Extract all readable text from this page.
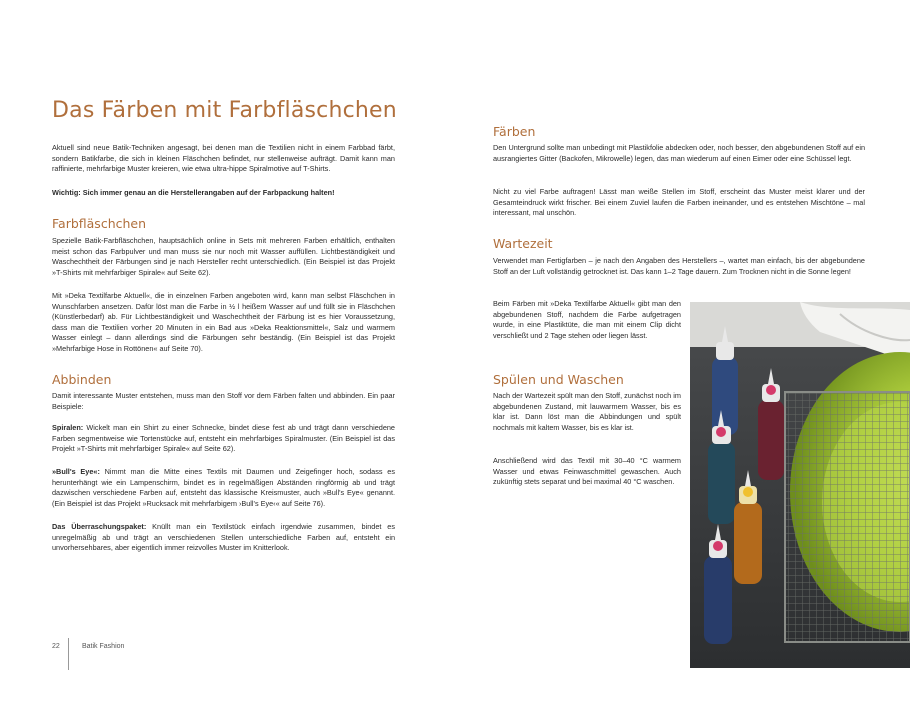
Das Färben mit Farbfläschchen

Aktuell sind neue Batik-Techniken angesagt, bei denen man die Textilien nicht in einem Farbbad färbt, sondern Batikfarbe, die sich in kleinen Fläschchen befindet, nur stellenweise aufträgt. Damit kann man raffinierte, mehrfarbige Muster kreieren, wie etwa ultra-hippe Spiralmotive auf T-Shirts.

Wichtig: Sich immer genau an die Herstellerangaben auf der Farbpackung halten!

Farbfläschchen

Spezielle Batik-Farbfläschchen, hauptsächlich online in Sets mit mehreren Farben erhältlich, enthalten meist schon das Farbpulver und man muss sie nur noch mit Wasser auffüllen. Lichtbeständigkeit und Waschechtheit der Färbungen sind je nach Hersteller recht unterschiedlich. (Ein Beispiel ist das Projekt »T-Shirts mit mehrfarbiger Spirale« auf Seite 62).

Mit »Deka Textilfarbe Aktuell«, die in einzelnen Farben angeboten wird, kann man selbst Fläschchen in Wunschfarben ansetzen. Dafür löst man die Farbe in ½ l heißem Wasser auf und füllt sie in Fläschchen (Künstlerbedarf) ab. Für Lichtbeständigkeit und Waschechtheit der Färbung ist es hier Voraussetzung, dass man die Textilien vorher 20 Minuten in ein Bad aus »Deka Reaktionsmittel«, Salz und warmem Wasser einlegt – dann allerdings sind die Färbungen sehr beständig. (Ein Beispiel ist das Projekt »Mehrfarbige Hose in Rottönen« auf Seite 70).

Abbinden

Damit interessante Muster entstehen, muss man den Stoff vor dem Färben falten und abbinden. Ein paar Beispiele:

Spiralen: Wickelt man ein Shirt zu einer Schnecke, bindet diese fest ab und trägt dann verschiedene Farben segmentweise wie Tortenstücke auf, entsteht ein mehrfarbiges Spiralmuster. (Ein Beispiel ist das Projekt »T-Shirts mit mehrfarbiger Spirale« auf Seite 62).

»Bull's Eye«: Nimmt man die Mitte eines Textils mit Daumen und Zeigefinger hoch, sodass es herunterhängt wie ein Lampenschirm, bindet es in regelmäßigen Abständen ringförmig ab und trägt dazwischen verschiedene Farben auf, entsteht das klassische Kreismuster, auch »Bull's Eye« genannt. (Ein Beispiel ist das Projekt »Rucksack mit mehrfarbigem ›Bull's Eye‹« auf Seite 76).

Das Überraschungspaket: Knüllt man ein Textilstück einfach irgendwie zusammen, bindet es unregelmäßig ab und trägt an verschiedenen Stellen unterschiedliche Farben auf, entsteht ein unvorhersehbares, aber eigentlich immer reizvolles Muster im Knitterlook.

Färben

Den Untergrund sollte man unbedingt mit Plastikfolie abdecken oder, noch besser, den abgebundenen Stoff auf ein ausrangiertes Gitter (Backofen, Mikrowelle) legen, das man wiederum auf einen Eimer oder eine Schüssel legt.

Nicht zu viel Farbe auftragen! Lässt man weiße Stellen im Stoff, erscheint das Muster meist klarer und der Gesamteindruck wirkt frischer. Bei einem Zuviel laufen die Farben ineinander, und es entstehen Mischtöne – mal interessant, mal unschön.

Wartezeit

Verwendet man Fertigfarben – je nach den Angaben des Herstellers –, wartet man einfach, bis der abgebundene Stoff an der Luft vollständig getrocknet ist. Das kann 1–2 Tage dauern. Zum Trocknen nicht in die Sonne legen!

Beim Färben mit »Deka Textilfarbe Aktuell« gibt man den abgebundenen Stoff, nachdem die Farbe aufgetragen wurde, in eine Plastiktüte, die man mit einem Clip dicht verschließt und 2 Tage stehen oder liegen lässt.

Spülen und Waschen

Nach der Wartezeit spült man den Stoff, zunächst noch im abgebundenen Zustand, mit lauwarmem Wasser, bis es klar ist. Dann löst man die Abbindungen und spült nochmals mit kaltem Wasser, bis es klar ist.

Anschließend wird das Textil mit 30–40 °C warmem Wasser und etwas Feinwaschmittel gewaschen. Auch zukünftig stets separat und bei maximal 40 °C waschen.

22	Batik Fashion
